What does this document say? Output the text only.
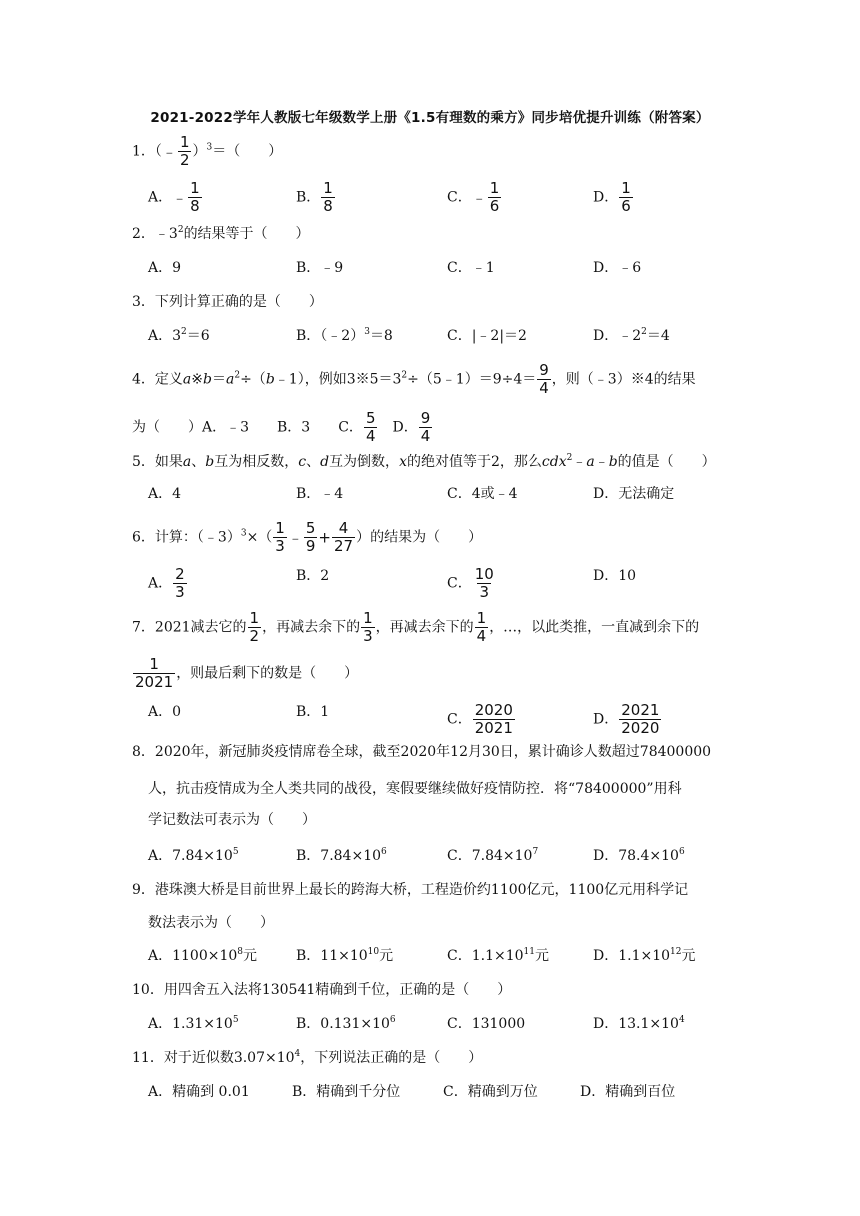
2021-2022学年人教版七年级数学上册《1.5有理数的乘方》同步培优提升训练（附答案）
1．（﹣ $\frac{1}{2} )^3=$（　　）
A．﹣ $\frac{1}{8}$	B． $\frac{1}{8}$	C．﹣ $\frac{1}{6}$	D． $\frac{1}{6}$
2．$﹣3^2$的结果等于（　　）
A．9	B．﹣9	C．﹣1	D．﹣6
3．下列计算正确的是（　　）
A．$3^2=6$	B．（﹣2）$^3$＝8	C．|﹣2|＝2	D．$﹣2^2=4$
4．定义$a※b=a^2\div(b﹣1)$，例如$3※5=3^2\div(5﹣1)=9\div 4= \frac{9}{4}$ ，则（﹣3）※4的结果
为（　　）A．﹣3　　B．3　　C． $\frac{5}{4}$ 　D． $\frac{9}{4}$
5．如果a、b互为相反数，c、d互为倒数，x的绝对值等于2，那么cdx$^2$﹣a﹣b的值是（　　）
A．4	B．﹣4	C．4或﹣4	D．无法确定
6．计算：（﹣3）$^3$×（ $\frac{1}{3}$ ﹣ $\frac{5}{9} + \frac{4}{27}$ ）的结果为（　　）
A． $\frac{2}{3}$	B．2	C． $\frac{10}{3}$	D．10
7．2021减去它的 $\frac{1}{2}$ ，再减去余下的 $\frac{1}{3}$ ，再减去余下的 $\frac{1}{4}$ ，…，以此类推，一直减到余下的
$\frac{1}{2021}$ ，则最后剩下的数是（　　）
A．0	B．1	C． $\frac{2020}{2021}$	D． $\frac{2021}{2020}$
8．2020年，新冠肺炎疫情席卷全球，截至2020年12月30日，累计确诊人数超过78400000
人，抗击疫情成为全人类共同的战役，寒假要继续做好疫情防控．将“78400000”用科
学记数法可表示为（　　）
A．$7.84\times 10^5$	B．$7.84\times 10^6$	C．$7.84\times 10^7$	D．$78.4\times 10^6$
9．港珠澳大桥是目前世界上最长的跨海大桥，工程造价约1100亿元，1100亿元用科学记
数法表示为（　　）
A．$1100\times 10^8$元	B．$11\times 10^{10}$元	C．$1.1\times 10^{11}$元	D．$1.1\times 10^{12}$元
10．用四舍五入法将130541精确到千位，正确的是（　　）
A．$1.31\times 10^5$	B．$0.131\times 10^6$	C．131000	D．$13.1\times 10^4$
11．对于近似数$3.07\times 10^4$，下列说法正确的是（　　）
A．精确到 0.01	B．精确到千分位	C．精确到万位	D．精确到百位
